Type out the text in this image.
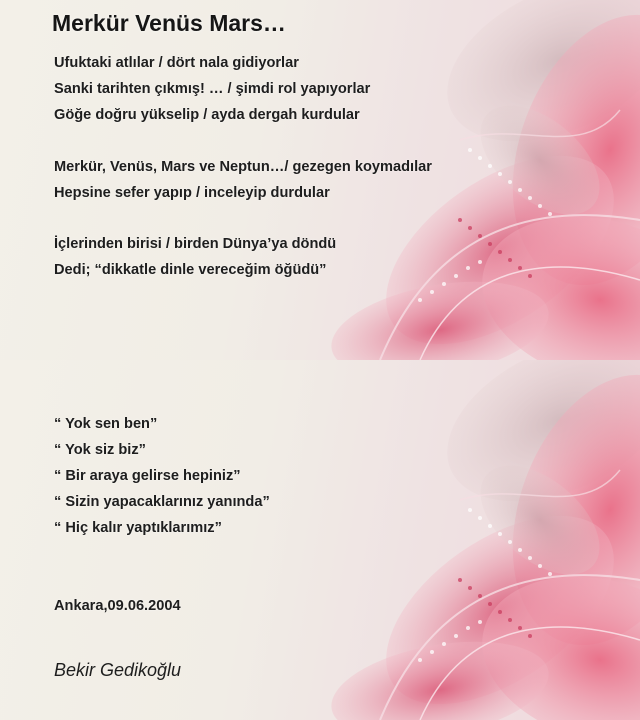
Merkür Venüs Mars…

Ufuktaki atlılar / dört nala gidiyorlar

Sanki tarihten çıkmış! … / şimdi rol yapıyorlar

Göğe doğru yükselip / ayda dergah kurdular

Merkür, Venüs, Mars ve Neptun…/ gezegen koymadılar

Hepsine sefer yapıp / inceleyip durdular

İçlerinden birisi / birden Dünya’ya döndü

Dedi; “dikkatle dinle vereceğim öğüdü”

“ Yok sen ben”

“ Yok siz biz”

“ Bir araya gelirse hepiniz”

“ Sizin yapacaklarınız yanında”

“ Hiç kalır yaptıklarımız”

Ankara,09.06.2004

Bekir Gedikoğlu
